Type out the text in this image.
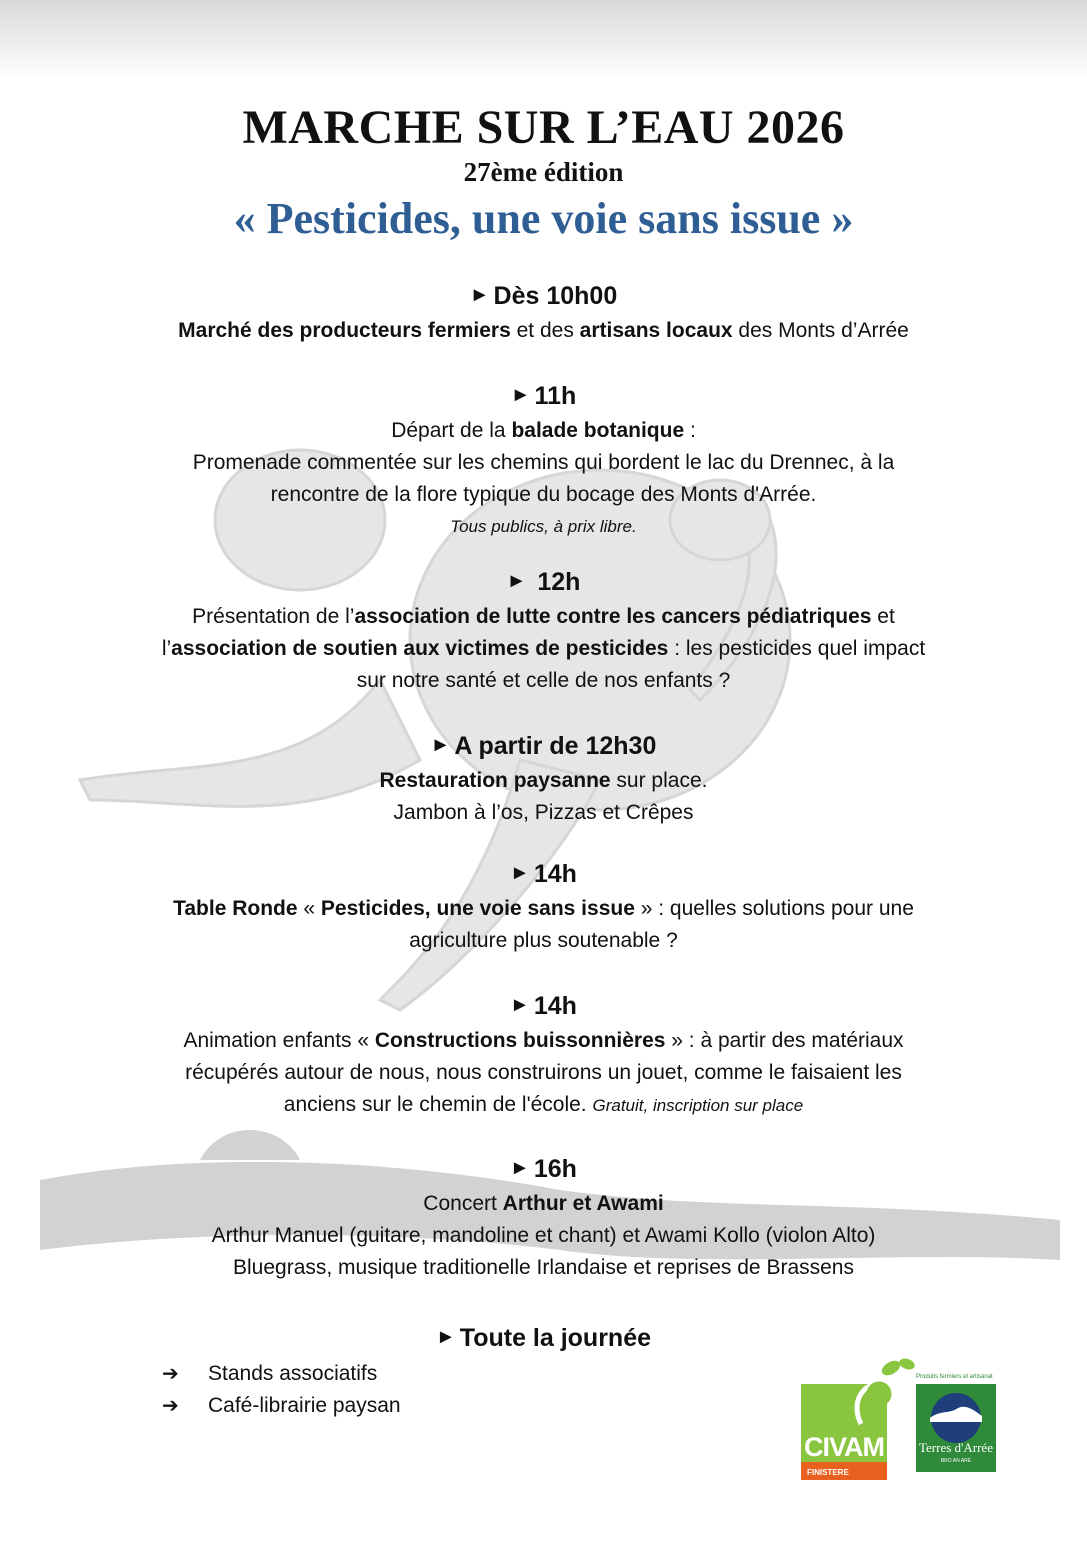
MARCHE SUR L’EAU 2026
27ème édition
« Pesticides, une voie sans issue »
► Dès 10h00
Marché des producteurs fermiers et des artisans locaux des Monts d’Arrée
► 11h
Départ de la balade botanique :
Promenade commentée sur les chemins qui bordent le lac du Drennec, à la
rencontre de la flore typique du bocage des Monts d'Arrée.
Tous publics, à prix libre.
► 12h
Présentation de l’association de lutte contre les cancers pédiatriques et
l’association de soutien aux victimes de pesticides : les pesticides quel impact
sur notre santé et celle de nos enfants ?
► A partir de 12h30
Restauration paysanne sur place.
Jambon à l’os, Pizzas et Crêpes
► 14h
Table Ronde « Pesticides, une voie sans issue » : quelles solutions pour une
agriculture plus soutenable ?
► 14h
Animation enfants « Constructions buissonnières » : à partir des matériaux
récupérés autour de nous, nous construirons un jouet, comme le faisaient les
anciens sur le chemin de l'école. Gratuit, inscription sur place
► 16h
Concert Arthur et Awami
Arthur Manuel (guitare, mandoline et chant) et Awami Kollo (violon Alto)
Bluegrass, musique traditionelle Irlandaise et reprises de Brassens
► Toute la journée
➔ Stands associatifs
➔ Café-librairie paysan
CIVAM
FINISTERE
Produits fermiers et artisanat
Terres d'Arrée
BRO AN ARE
